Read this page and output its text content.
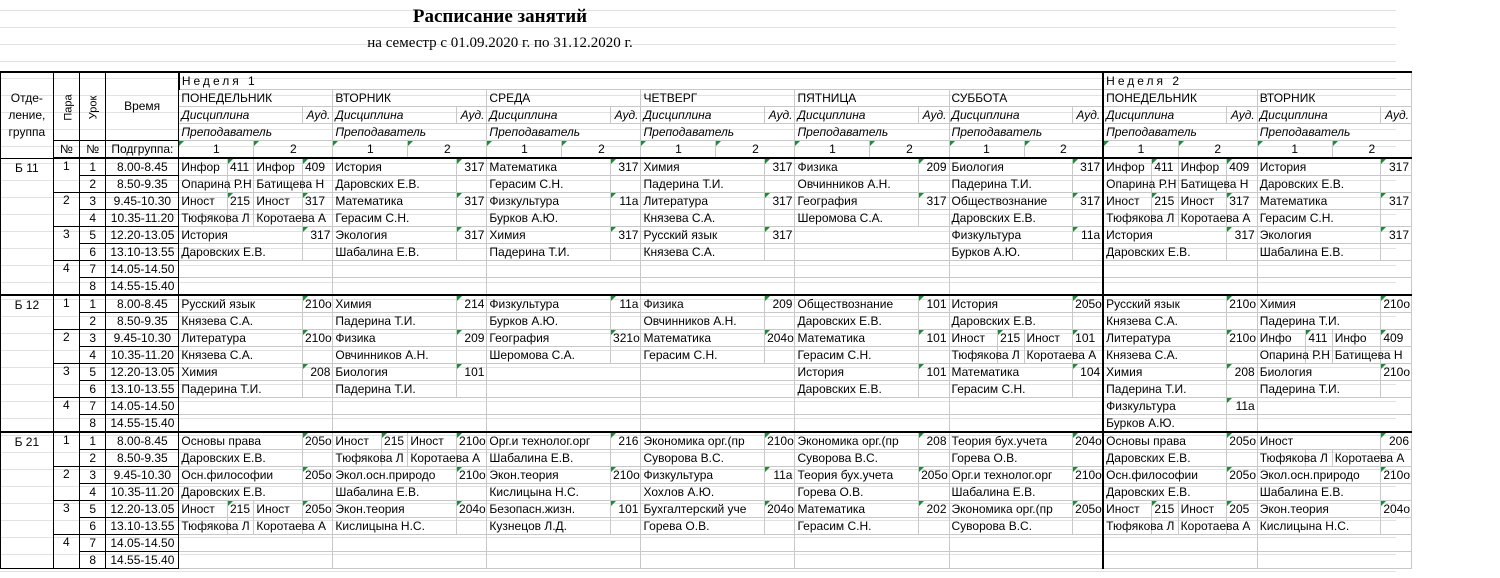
Расписание занятий
на семестр с 01.09.2020 г. по 31.12.2020 г.
Отде-
ление,
группа	Пара	Урок	Время	Неделя 1																					Неделя 2							
				ПОНЕДЕЛЬНИК				ВТОРНИК				СРЕДА			ЧЕТВЕРГ			ПЯТНИЦА			СУББОТА				ПОНЕДЕЛЬНИК				ВТОРНИК			
				Дисциплина			Ауд.	Дисциплина			Ауд.	Дисциплина		Ауд.	Дисциплина		Ауд.	Дисциплина		Ауд.	Дисциплина			Ауд.	Дисциплина			Ауд.	Дисциплина			Ауд.
				Преподаватель				Преподаватель				Преподаватель			Преподаватель			Преподаватель			Преподаватель				Преподаватель				Преподаватель			
	№	№	Подгруппа:	1		2		1		2		1	2		1	2		1	2		1		2		1		2		1		2	
Б 11	1	1	8.00-8.45	Инфор	411	Инфор	409	История			317	Математика		317	Химия		317	Физика		209	Биология			317	Инфор	411	Инфор	409	История			317
		2	8.50-9.35	Опарина Р.Н		Батищева Н		Даровских Е.В.				Герасим С.Н.			Падерина Т.И.			Овчинников А.Н.			Падерина Т.И.				Опарина Р.Н		Батищева Н		Даровских Е.В.			
	2	3	9.45-10.30	Иност	215	Иност	317	Математика			317	Физкультура		11а	Литература		317	География		317	Обществознание			317	Иност	215	Иност	317	Математика			317
		4	10.35-11.20	Тюфякова Л		Коротаева А		Герасим С.Н.				Бурков А.Ю.			Князева С.А.			Шеромова С.А.			Даровских Е.В.				Тюфякова Л		Коротаева А		Герасим С.Н.			
	3	5	12.20-13.05	История			317	Экология			317	Химия		317	Русский язык		317				Физкультура			11а	История			317	Экология			317
		6	13.10-13.55	Даровских Е.В.				Шабалина Е.В.				Падерина Т.И.			Князева С.А.						Бурков А.Ю.				Даровских Е.В.				Шабалина Е.В.			
	4	7	14.05-14.50																													
		8	14.55-15.40																													
Б 12	1	1	8.00-8.45	Русский язык			210о	Химия			214	Физкультура		11а	Физика		209	Обществознание		101	История			205о	Русский язык			210о	Химия			210о
		2	8.50-9.35	Князева С.А.				Падерина Т.И.				Бурков А.Ю.			Овчинников А.Н.			Даровских Е.В.			Даровских Е.В.				Князева С.А.				Падерина Т.И.			
	2	3	9.45-10.30	Литература			210о	Физика			209	География		321о	Математика		204о	Математика		101	Иност	215	Иност	101	Литература			210о	Инфо	411	Инфо	409
		4	10.35-11.20	Князева С.А.				Овчинников А.Н.				Шеромова С.А.			Герасим С.Н.			Герасим С.Н.			Тюфякова Л		Коротаева А		Князева С.А.				Опарина Р.Н		Батищева Н	
	3	5	12.20-13.05	Химия			208	Биология			101							История		101	Математика			104	Химия			208	Биология			210о
		6	13.10-13.55	Падерина Т.И.				Падерина Т.И.										Даровских Е.В.			Герасим С.Н.				Падерина Т.И.				Падерина Т.И.			
	4	7	14.05-14.50																						Физкультура			11а				
		8	14.55-15.40																						Бурков А.Ю.							
Б 21	1	1	8.00-8.45	Основы права			205о	Иност	215	Иност	210о	Орг.и технолог.орг		216	Экономика орг.(пр		210о	Экономика орг.(пр		208	Теория бух.учета			204о	Основы права			205о	Иност			206
		2	8.50-9.35	Даровских Е.В.				Тюфякова Л		Коротаева А		Шабалина Е.В.			Суворова В.С.			Суворова В.С.			Горева О.В.				Даровских Е.В.				Тюфякова Л		Коротаева А	
	2	3	9.45-10.30	Осн.философии			205о	Экол.осн.природо			210о	Экон.теория		210о	Физкультура		11а	Теория бух.учета		205о	Орг.и технолог.орг			210о	Осн.философии			205о	Экол.осн.природо			210о
		4	10.35-11.20	Даровских Е.В.				Шабалина Е.В.				Кислицына Н.С.			Хохлов А.Ю.			Горева О.В.			Шабалина Е.В.				Даровских Е.В.				Шабалина Е.В.			
	3	5	12.20-13.05	Иност	215	Иност	205о	Экон.теория			204о	Безопасн.жизн.		101	Бухгалтерский уче		204о	Математика		202	Экономика орг.(пр			205о	Иност	215	Иност	205	Экон.теория			204о
		6	13.10-13.55	Тюфякова Л		Коротаева А		Кислицына Н.С.				Кузнецов Л.Д.			Горева О.В.			Герасим С.Н.			Суворова В.С.				Тюфякова Л		Коротаева А		Кислицына Н.С.			
	4	7	14.05-14.50																													
		8	14.55-15.40																													
